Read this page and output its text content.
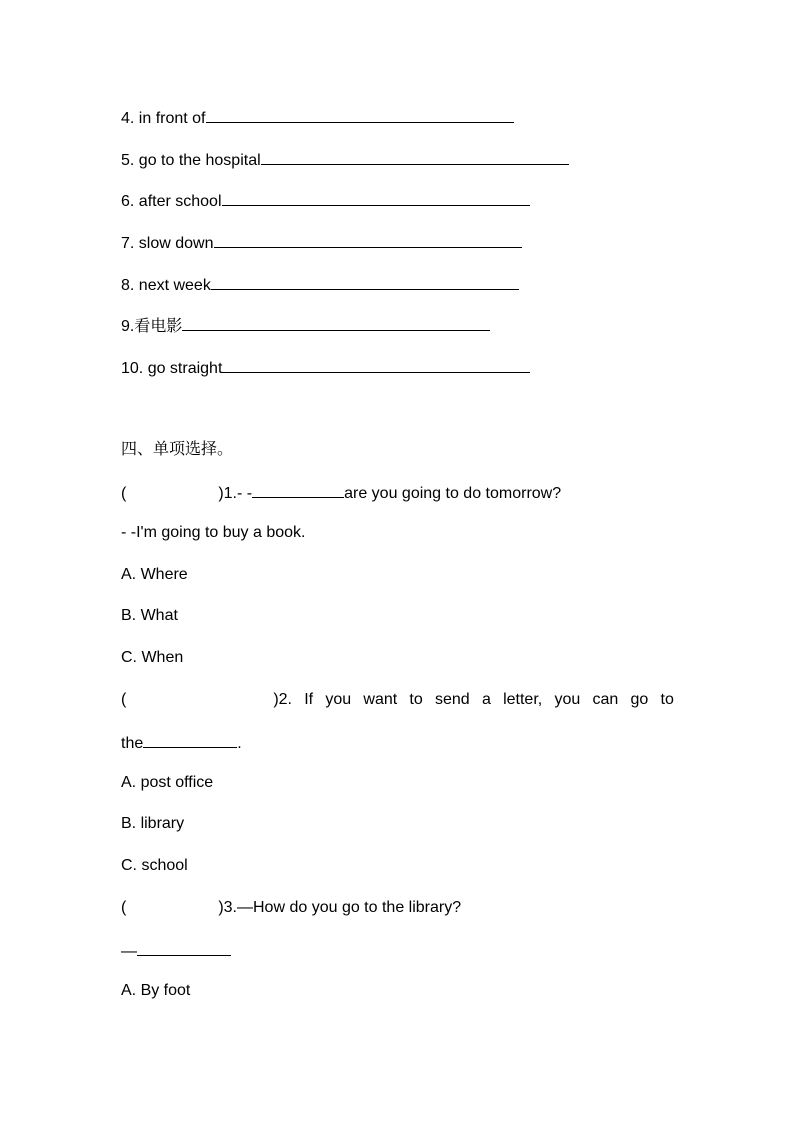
4. in front of
5. go to the hospital
6. after school
7. slow down
8. next week
9.看电影
10. go straight
四、单项选择。
(	)1.- -	are you going to do tomorrow?
- -I'm going to buy a book.
A. Where
B. What
C. When
(	)2. If you want to send a letter, you can go to
the	.
A. post office
B. library
C. school
(	)3.—How do you go to the library?
—
A. By foot
